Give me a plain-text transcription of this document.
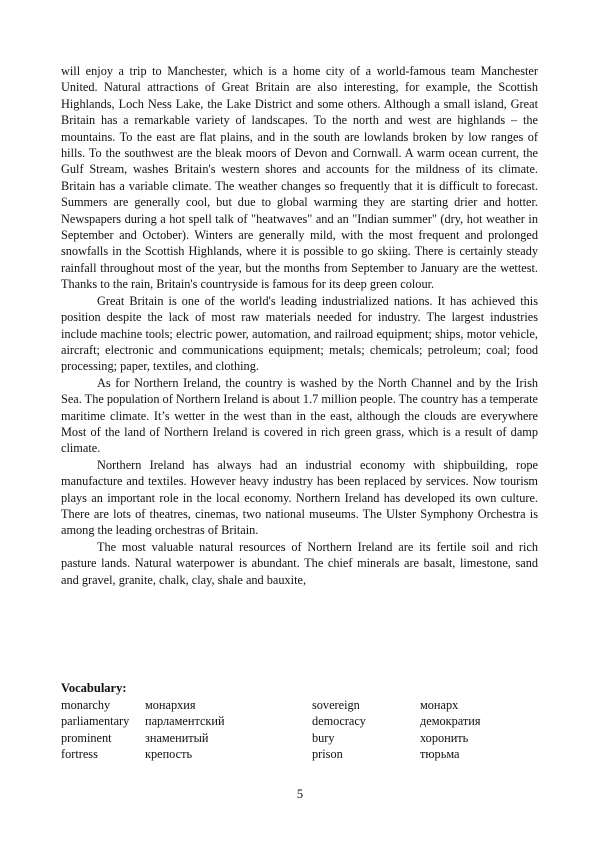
will enjoy a trip to Manchester, which is a home city of a world-famous team Manchester United. Natural attractions of Great Britain are also interesting, for example, the Scottish Highlands, Loch Ness Lake, the Lake District and some others. Although a small island, Great Britain has a remarkable variety of landscapes. To the north and west are highlands – the mountains. To the east are flat plains, and in the south are lowlands broken by low ranges of hills. To the southwest are the bleak moors of Devon and Cornwall. A warm ocean current, the Gulf Stream, washes Britain's western shores and accounts for the mildness of its climate. Britain has a variable climate. The weather changes so frequently that it is difficult to forecast. Summers are generally cool, but due to global warming they are starting drier and hotter. Newspapers during a hot spell talk of "heatwaves" and an "Indian summer" (dry, hot weather in September and October). Winters are generally mild, with the most frequent and prolonged snowfalls in the Scottish Highlands, where it is possible to go skiing. There is certainly steady rainfall throughout most of the year, but the months from September to January are the wettest. Thanks to the rain, Britain's countryside is famous for its deep green colour.

Great Britain is one of the world's leading industrialized nations. It has achieved this position despite the lack of most raw materials needed for industry. The largest industries include machine tools; electric power, automation, and railroad equipment; ships, motor vehicle, aircraft; electronic and communications equipment; metals; chemicals; petroleum; coal; food processing; paper, textiles, and clothing.

As for Northern Ireland, the country is washed by the North Channel and by the Irish Sea. The population of Northern Ireland is about 1.7 million people. The country has a temperate maritime climate. It’s wetter in the west than in the east, although the clouds are everywhere Most of the land of Northern Ireland is covered in rich green grass, which is a result of damp climate.

Northern Ireland has always had an industrial economy with shipbuilding, rope manufacture and textiles. However heavy industry has been replaced by services. Now tourism plays an important role in the local economy. Northern Ireland has developed its own culture. There are lots of theatres, cinemas, two national museums. The Ulster Symphony Orchestra is among the leading orchestras of Britain.

The most valuable natural resources of Northern Ireland are its fertile soil and rich pasture lands. Natural waterpower is abundant. The chief minerals are basalt, limestone, sand and gravel, granite, chalk, clay, shale and bauxite,

Vocabulary:
monarchy	монархия	sovereign	монарх
parliamentary	парламентский	democracy	демократия
prominent	знаменитый	bury	хоронить
fortress	крепость	prison	тюрьма
5
